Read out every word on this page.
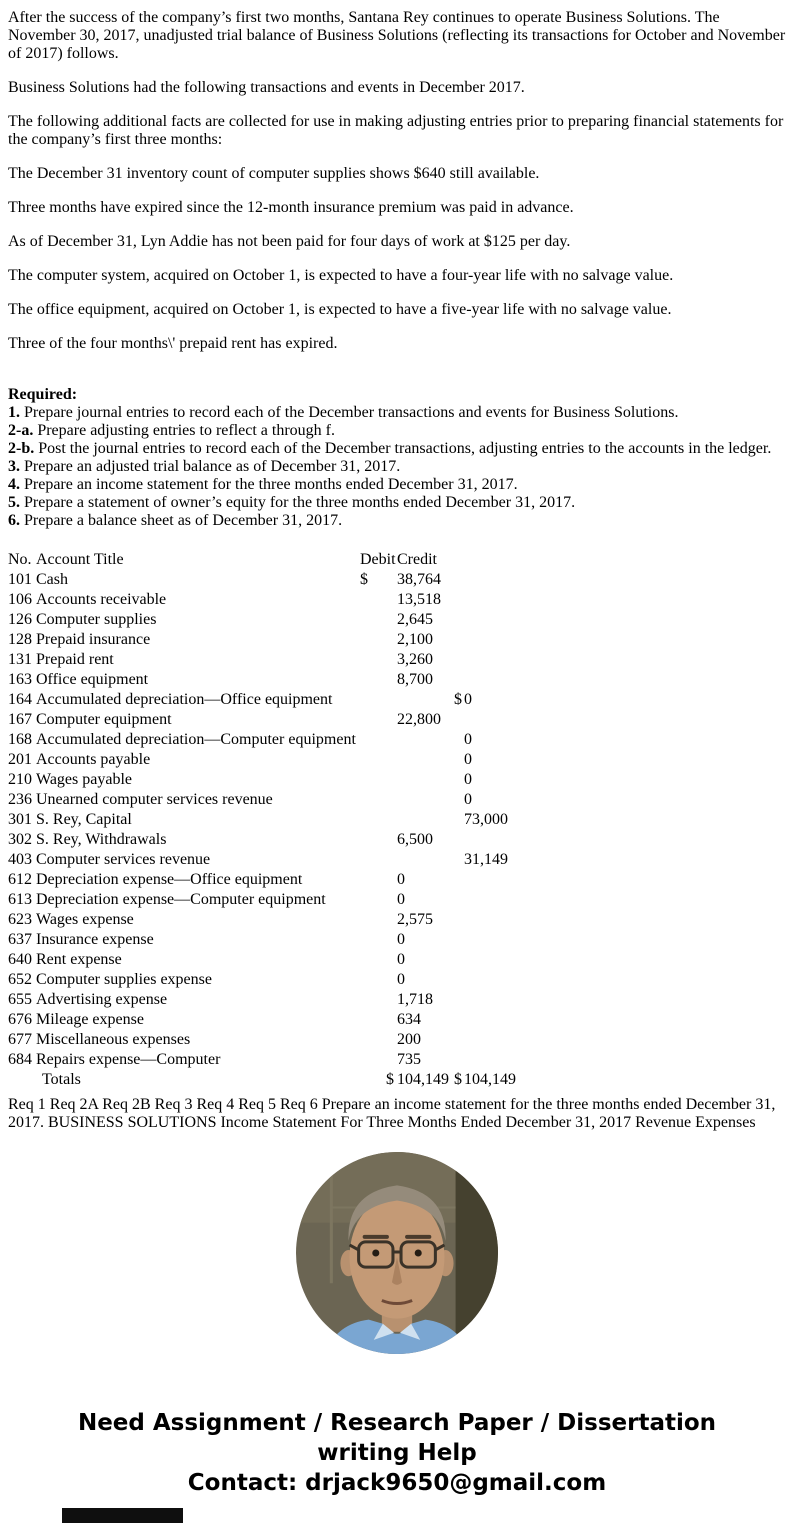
After the success of the company’s first two months, Santana Rey continues to operate Business Solutions. The November 30, 2017, unadjusted trial balance of Business Solutions (reflecting its transactions for October and November of 2017) follows.

Business Solutions had the following transactions and events in December 2017.

The following additional facts are collected for use in making adjusting entries prior to preparing financial statements for the company’s first three months:

The December 31 inventory count of computer supplies shows $640 still available.

Three months have expired since the 12-month insurance premium was paid in advance.

As of December 31, Lyn Addie has not been paid for four days of work at $125 per day.

The computer system, acquired on October 1, is expected to have a four-year life with no salvage value.

The office equipment, acquired on October 1, is expected to have a five-year life with no salvage value.

Three of the four months\' prepaid rent has expired.

Required:
1. Prepare journal entries to record each of the December transactions and events for Business Solutions.
2-a. Prepare adjusting entries to reflect a through f.
2-b. Post the journal entries to record each of the December transactions, adjusting entries to the accounts in the ledger.
3. Prepare an adjusted trial balance as of December 31, 2017.
4. Prepare an income statement for the three months ended December 31, 2017.
5. Prepare a statement of owner’s equity for the three months ended December 31, 2017.
6. Prepare a balance sheet as of December 31, 2017.
No.	Account Title	Debit	Credit		
101	Cash	$	38,764		
106	Accounts receivable		13,518		
126	Computer supplies		2,645		
128	Prepaid insurance		2,100		
131	Prepaid rent		3,260		
163	Office equipment		8,700		
164	Accumulated depreciation—Office equipment			$	0
167	Computer equipment		22,800		
168	Accumulated depreciation—Computer equipment				0
201	Accounts payable				0
210	Wages payable				0
236	Unearned computer services revenue				0
301	S. Rey, Capital				73,000
302	S. Rey, Withdrawals		6,500		
403	Computer services revenue				31,149
612	Depreciation expense—Office equipment		0		
613	Depreciation expense—Computer equipment		0		
623	Wages expense		2,575		
637	Insurance expense		0		
640	Rent expense		0		
652	Computer supplies expense		0		
655	Advertising expense		1,718		
676	Mileage expense		634		
677	Miscellaneous expenses		200		
684	Repairs expense—Computer		735		
	Totals	$	104,149	$	104,149

Req 1 Req 2A Req 2B Req 3 Req 4 Req 5 Req 6 Prepare an income statement for the three months ended December 31, 2017. BUSINESS SOLUTIONS Income Statement For Three Months Ended December 31, 2017 Revenue Expenses

Need Assignment / Research Paper / Dissertation writing Help
Contact: drjack9650@gmail.com
